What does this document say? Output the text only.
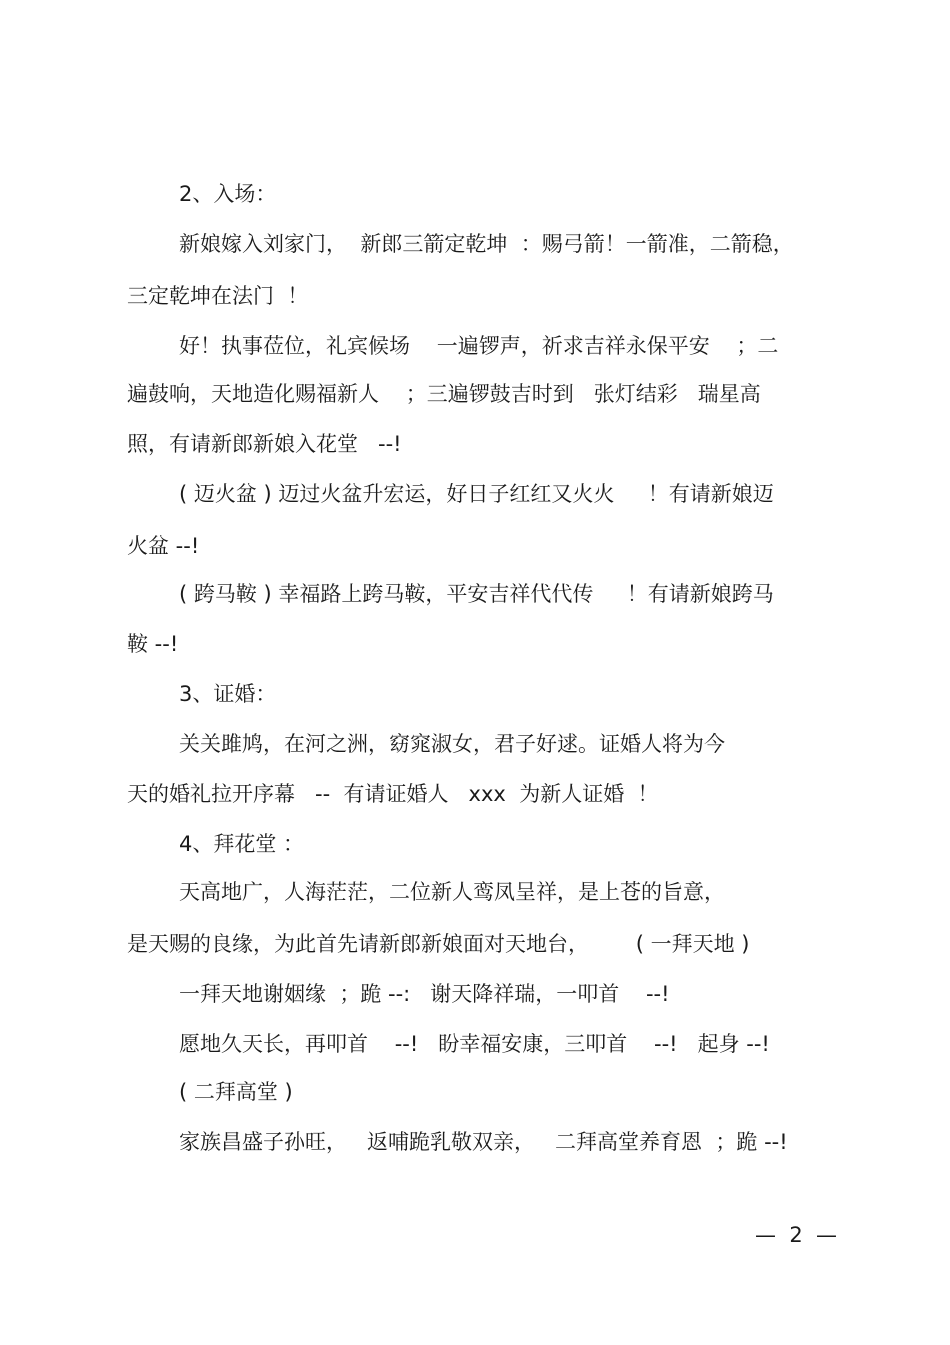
2、入场：
新娘嫁入刘家门，  新郎三箭定乾坤  ：赐弓箭！一箭准，二箭稳，
三定乾坤在法门  ！
好！执事莅位，礼宾候场    一遍锣声，祈求吉祥永保平安    ；二
遍鼓响，天地造化赐福新人    ；三遍锣鼓吉时到   张灯结彩   瑞星高
照，有请新郎新娘入花堂   --!
( 迈火盆 ) 迈过火盆升宏运，好日子红红又火火     ！有请新娘迈
火盆 --!
( 跨马鞍 ) 幸福路上跨马鞍，平安吉祥代代传     ！有请新娘跨马
鞍 --!
3、证婚：
关关雎鸠，在河之洲，窈窕淑女，君子好逑。证婚人将为今
天的婚礼拉开序幕   --  有请证婚人   xxx  为新人证婚  ！
4、拜花堂 ：
天高地广，人海茫茫，二位新人鸾凤呈祥，是上苍的旨意，
是天赐的良缘，为此首先请新郎新娘面对天地台，       ( 一拜天地 )
一拜天地谢姻缘  ；跪 --:   谢天降祥瑞，一叩首    --!
愿地久天长，再叩首    --!   盼幸福安康，三叩首    --!   起身 --!
( 二拜高堂 )
家族昌盛子孙旺，   返哺跪乳敬双亲，   二拜高堂养育恩  ；跪 --!
—  2  —
